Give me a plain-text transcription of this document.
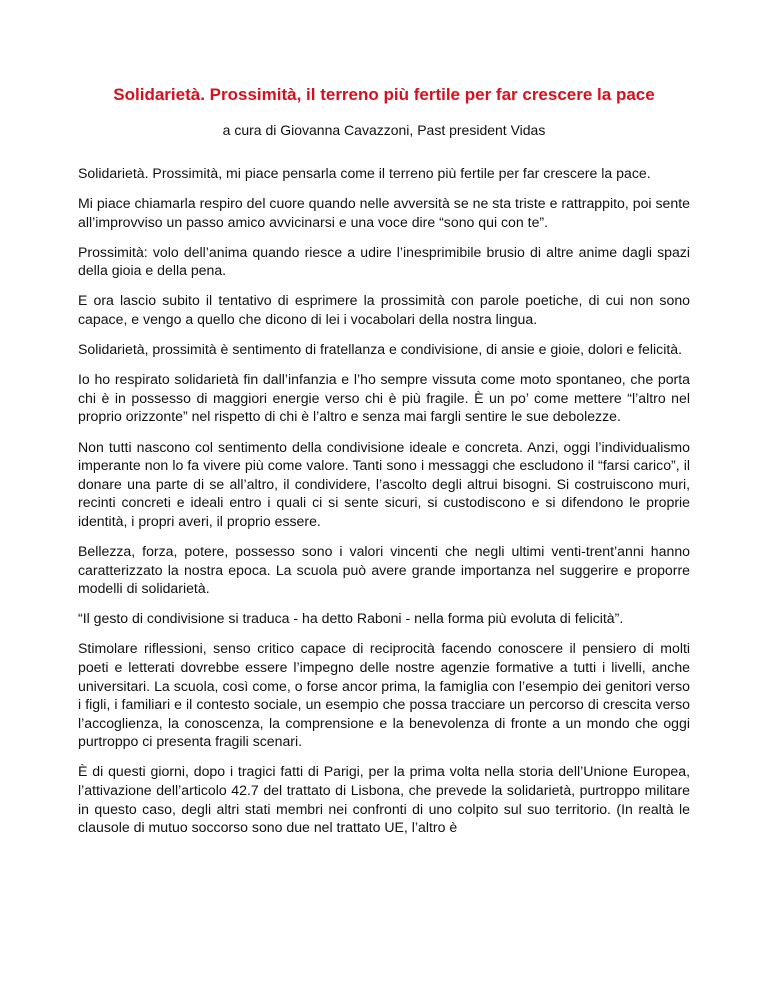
Solidarietà. Prossimità, il terreno più fertile per far crescere la pace

a cura di Giovanna Cavazzoni, Past president Vidas

Solidarietà. Prossimità, mi piace pensarla come il terreno più fertile per far crescere la pace.

Mi piace chiamarla respiro del cuore quando nelle avversità se ne sta triste e rattrappito, poi sente all’improvviso un passo amico avvicinarsi e una voce dire “sono qui con te”.

Prossimità: volo dell’anima quando riesce a udire l’inesprimibile brusio di altre anime dagli spazi della gioia e della pena.

E ora lascio subito il tentativo di esprimere la prossimità con parole poetiche, di cui non sono capace, e vengo a quello che dicono di lei i vocabolari della nostra lingua.

Solidarietà, prossimità è sentimento di fratellanza e condivisione, di ansie e gioie, dolori e felicità.

Io ho respirato solidarietà fin dall’infanzia e l’ho sempre vissuta come moto spontaneo, che porta chi è in possesso di maggiori energie verso chi è più fragile. È un po’ come mettere “l’altro nel proprio orizzonte” nel rispetto di chi è l’altro e senza mai fargli sentire le sue debolezze.

Non tutti nascono col sentimento della condivisione ideale e concreta. Anzi, oggi l’individualismo imperante non lo fa vivere più come valore. Tanti sono i messaggi che escludono il “farsi carico”, il donare una parte di se all’altro, il condividere, l’ascolto degli altrui bisogni. Si costruiscono muri, recinti concreti e ideali entro i quali ci si sente sicuri, si custodiscono e si difendono le proprie identità, i propri averi, il proprio essere.

Bellezza, forza, potere, possesso sono i valori vincenti che negli ultimi venti-trent’anni hanno caratterizzato la nostra epoca. La scuola può avere grande importanza nel suggerire e proporre modelli di solidarietà.

“Il gesto di condivisione si traduca - ha detto Raboni - nella forma più evoluta di felicità”.

Stimolare riflessioni, senso critico capace di reciprocità facendo conoscere il pensiero di molti poeti e letterati dovrebbe essere l’impegno delle nostre agenzie formative a tutti i livelli, anche universitari. La scuola, così come, o forse ancor prima, la famiglia con l’esempio dei genitori verso i figli, i familiari e il contesto sociale, un esempio che possa tracciare un percorso di crescita verso l’accoglienza, la conoscenza, la comprensione e la benevolenza di fronte a un mondo che oggi purtroppo ci presenta fragili scenari.

È di questi giorni, dopo i tragici fatti di Parigi, per la prima volta nella storia dell’Unione Europea, l’attivazione dell’articolo 42.7 del trattato di Lisbona, che prevede la solidarietà, purtroppo militare in questo caso, degli altri stati membri nei confronti di uno colpito sul suo territorio. (In realtà le clausole di mutuo soccorso sono due nel trattato UE, l’altro è
